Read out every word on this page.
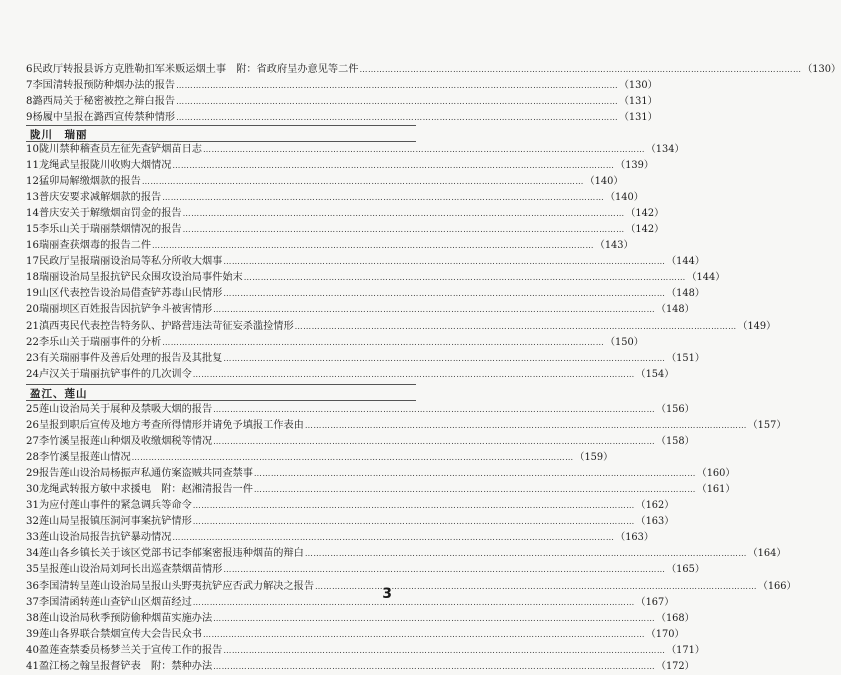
6民政厅转报县诉方克胜勒扣军米贩运烟土事　附：省政府呈办意见等二件 ………………………………………………………………………………………………………………………………………… （130）
7李国清转报预防种烟办法的报告 ………………………………………………………………………………………………………………………………………… （130）
8潞西局关于秘密被控之辩白报告 ………………………………………………………………………………………………………………………………………… （131）
9杨履中呈报在潞西宣传禁种情形 ………………………………………………………………………………………………………………………………………… （131）
陇川　瑞丽
10陇川禁种稽查员左征先查铲烟苗日志 ………………………………………………………………………………………………………………………………………… （134）
11龙绳武呈报陇川收购大烟情况 ………………………………………………………………………………………………………………………………………… （139）
12猛卯局解缴烟款的报告 ………………………………………………………………………………………………………………………………………… （140）
13普庆安要求减解烟款的报告 ………………………………………………………………………………………………………………………………………… （140）
14普庆安关于解缴烟亩罚金的报告 ………………………………………………………………………………………………………………………………………… （142）
15李乐山关于瑞丽禁烟情况的报告 ………………………………………………………………………………………………………………………………………… （142）
16瑞丽查获烟毒的报告二件 ………………………………………………………………………………………………………………………………………… （143）
17民政厅呈报瑞丽设治局等私分所收大烟事 ………………………………………………………………………………………………………………………………………… （144）
18瑞丽设治局呈报抗铲民众围攻设治局事件始末 ………………………………………………………………………………………………………………………………………… （144）
19山区代表控告设治局借查铲苏毒山民情形 ………………………………………………………………………………………………………………………………………… （148）
20瑞丽坝区百姓报告因抗铲争斗被害情形 ………………………………………………………………………………………………………………………………………… （148）
21滇西夷民代表控告特务队、护路营违法苛征妄杀滥捡情形 ………………………………………………………………………………………………………………………………………… （149）
22李乐山关于瑞丽事件的分析 ………………………………………………………………………………………………………………………………………… （150）
23有关瑞丽事件及善后处理的报告及其批复 ………………………………………………………………………………………………………………………………………… （151）
24卢汉关于瑞丽抗铲事件的几次训令 ………………………………………………………………………………………………………………………………………… （154）
盈江、莲山
25莲山设治局关于展种及禁吸大烟的报告 ………………………………………………………………………………………………………………………………………… （156）
26呈报到职后宣传及地方考查所得情形并请免予填报工作表由 ………………………………………………………………………………………………………………………………………… （157）
27李竹溪呈报莲山种烟及收缴烟税等情况 ………………………………………………………………………………………………………………………………………… （158）
28李竹溪呈报莲山情况 ………………………………………………………………………………………………………………………………………… （159）
29报告莲山设治局杨振声私通仿案盗贼共同查禁事 ………………………………………………………………………………………………………………………………………… （160）
30龙绳武转报方敏中求援电　附：赵湘清报告一件 ………………………………………………………………………………………………………………………………………… （161）
31为应付莲山事件的紧急调兵等命令 ………………………………………………………………………………………………………………………………………… （162）
32莲山局呈报镇压洞河事案抗铲情形 ………………………………………………………………………………………………………………………………………… （163）
33莲山设治局报告抗铲暴动情况 ………………………………………………………………………………………………………………………………………… （163）
34莲山各乡镇长关于该区党部书记李郁案密报违种烟苗的辩白 ………………………………………………………………………………………………………………………………………… （164）
35呈报莲山设治局刘珂长出巡查禁烟苗情形 ………………………………………………………………………………………………………………………………………… （165）
36李国清转呈莲山设治局呈报山头野夷抗铲应否武力解决之报告 ………………………………………………………………………………………………………………………………………… （166）
37李国清函转莲山查铲山区烟苗经过 ………………………………………………………………………………………………………………………………………… （167）
38莲山设治局秋季预防偷种烟苗实施办法 ………………………………………………………………………………………………………………………………………… （168）
39莲山各界联合禁烟宣传大会告民众书 ………………………………………………………………………………………………………………………………………… （170）
40盈莲查禁委员杨梦兰关于宣传工作的报告 ………………………………………………………………………………………………………………………………………… （171）
41盈江杨之翰呈报督铲表　附：禁种办法 ………………………………………………………………………………………………………………………………………… （172）
3
